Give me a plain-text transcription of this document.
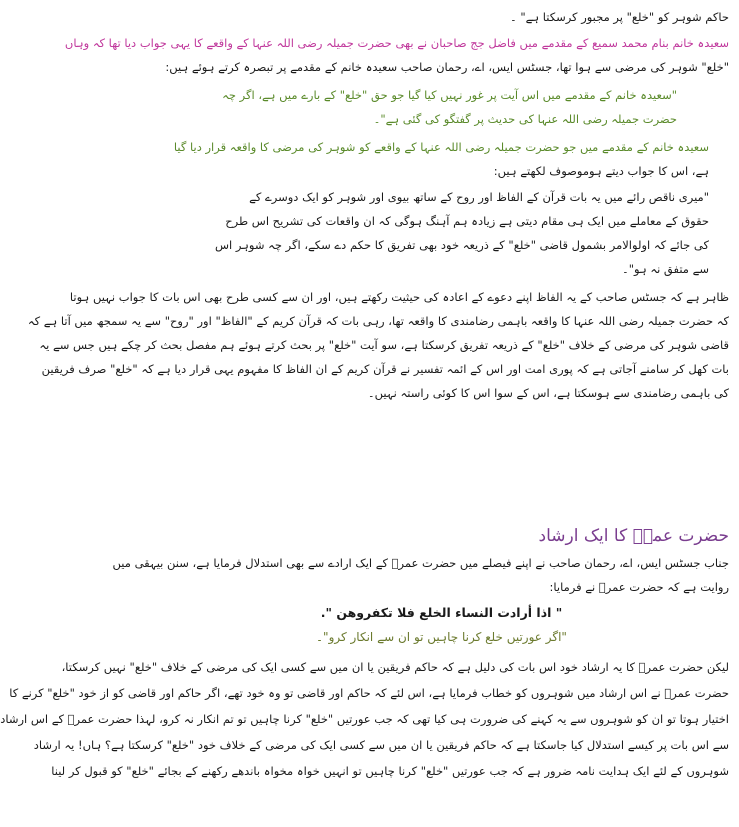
حاکم شوہر کو "خلع" پر مجبور کرسکتا ہے" ۔
سعیدہ خانم بنام محمد سمیع کے مقدمے میں فاضل جج صاحبان نے بھی حضرت جمیلہ رضی اللہ عنہا کے واقعے کا یہی جواب دیا تھا کہ وہاں
"خلع" شوہر کی مرضی سے ہوا تھا، جسٹس ایس، اے، رحمان صاحب سعیدہ خانم کے مقدمے پر تبصرہ کرتے ہوئے ہیں:
"سعیدہ خانم کے مقدمے میں اس آیت پر غور نہیں کیا گیا جو حق "خلع" کے بارے میں ہے، اگر چہ
حضرت جمیلہ رضی اللہ عنہا کی حدیث پر گفتگو کی گئی ہے"۔
سعیدہ خانم کے مقدمے میں جو حضرت جمیلہ رضی اللہ عنہا کے واقعے کو شوہر کی مرضی کا واقعہ قرار دیا گیا
ہے، اس کا جواب دیتے ہوموصوف لکھتے ہیں:
"میری ناقص رائے میں یہ بات قرآن کے الفاظ اور روح کے ساتھ بیوی اور شوہر کو ایک دوسرے کے
حقوق کے معاملے میں ایک ہی مقام دیتی ہے زیادہ ہم آہنگ ہوگی کہ ان واقعات کی تشریح اس طرح
کی جائے کہ اولوالامر بشمول قاضی "خلع" کے ذریعہ خود بھی تفریق کا حکم دے سکے، اگر چہ شوہر اس
سے متفق نہ ہو"۔
ظاہر ہے کہ جسٹس صاحب کے یہ الفاظ اپنے دعوے کے اعادہ کی حیثیت رکھتے ہیں، اور ان سے کسی طرح بھی اس بات کا جواب نہیں ہوتا
کہ حضرت جمیلہ رضی اللہ عنہا کا واقعہ باہمی رضامندی کا واقعہ تھا، رہی بات کہ قرآن کریم کے "الفاظ" اور "روح" سے یہ سمجھ میں آتا ہے کہ
قاضی شوہر کی مرضی کے خلاف "خلع" کے ذریعہ تفریق کرسکتا ہے، سو آیت "خلع" پر بحث کرتے ہوئے ہم مفصل بحث کر چکے ہیں جس سے یہ
بات کھل کر سامنے آجاتی ہے کہ پوری امت اور اس کے ائمہ تفسیر نے قرآن کریم کے ان الفاظ کا مفہوم یہی قرار دیا ہے کہ "خلع" صرف فریقین
کی باہمی رضامندی سے ہوسکتا ہے، اس کے سوا اس کا کوئی راستہ نہیں۔
حضرت عمرؓ کا ایک ارشاد
جناب جسٹس ایس، اے، رحمان صاحب نے اپنے فیصلے میں حضرت عمرؓ کے ایک ارادے سے بھی استدلال فرمایا ہے، سنن بیہقی میں
روایت ہے کہ حضرت عمرؓ نے فرمایا:
" اذا أرادت النساء الخلع فلا تكفروهن ".
"اگر عورتیں خلع کرنا چاہیں تو ان سے انکار کرو"۔
لیکن حضرت عمرؓ کا یہ ارشاد خود اس بات کی دلیل ہے کہ حاکم فریقین یا ان میں سے کسی ایک کی مرضی کے خلاف "خلع" نہیں کرسکتا،
حضرت عمرؓ نے اس ارشاد میں شوہروں کو خطاب فرمایا ہے، اس لئے کہ حاکم اور قاضی تو وہ خود تھے، اگر حاکم اور قاضی کو از خود "خلع" کرنے کا
اختیار ہوتا تو ان کو شوہروں سے یہ کہنے کی ضرورت ہی کیا تھی کہ جب عورتیں "خلع" کرنا چاہیں تو تم انکار نہ کرو، لہذا حضرت عمرؓ کے اس ارشاد
سے اس بات پر کیسے استدلال کیا جاسکتا ہے کہ حاکم فریقین یا ان میں سے کسی ایک کی مرضی کے خلاف خود "خلع" کرسکتا ہے؟ ہاں! یہ ارشاد
شوہروں کے لئے ایک ہدایت نامہ ضرور ہے کہ جب عورتیں "خلع" کرنا چاہیں تو انہیں خواہ مخواہ باندھے رکھنے کے بجائے "خلع" کو قبول کر لینا
